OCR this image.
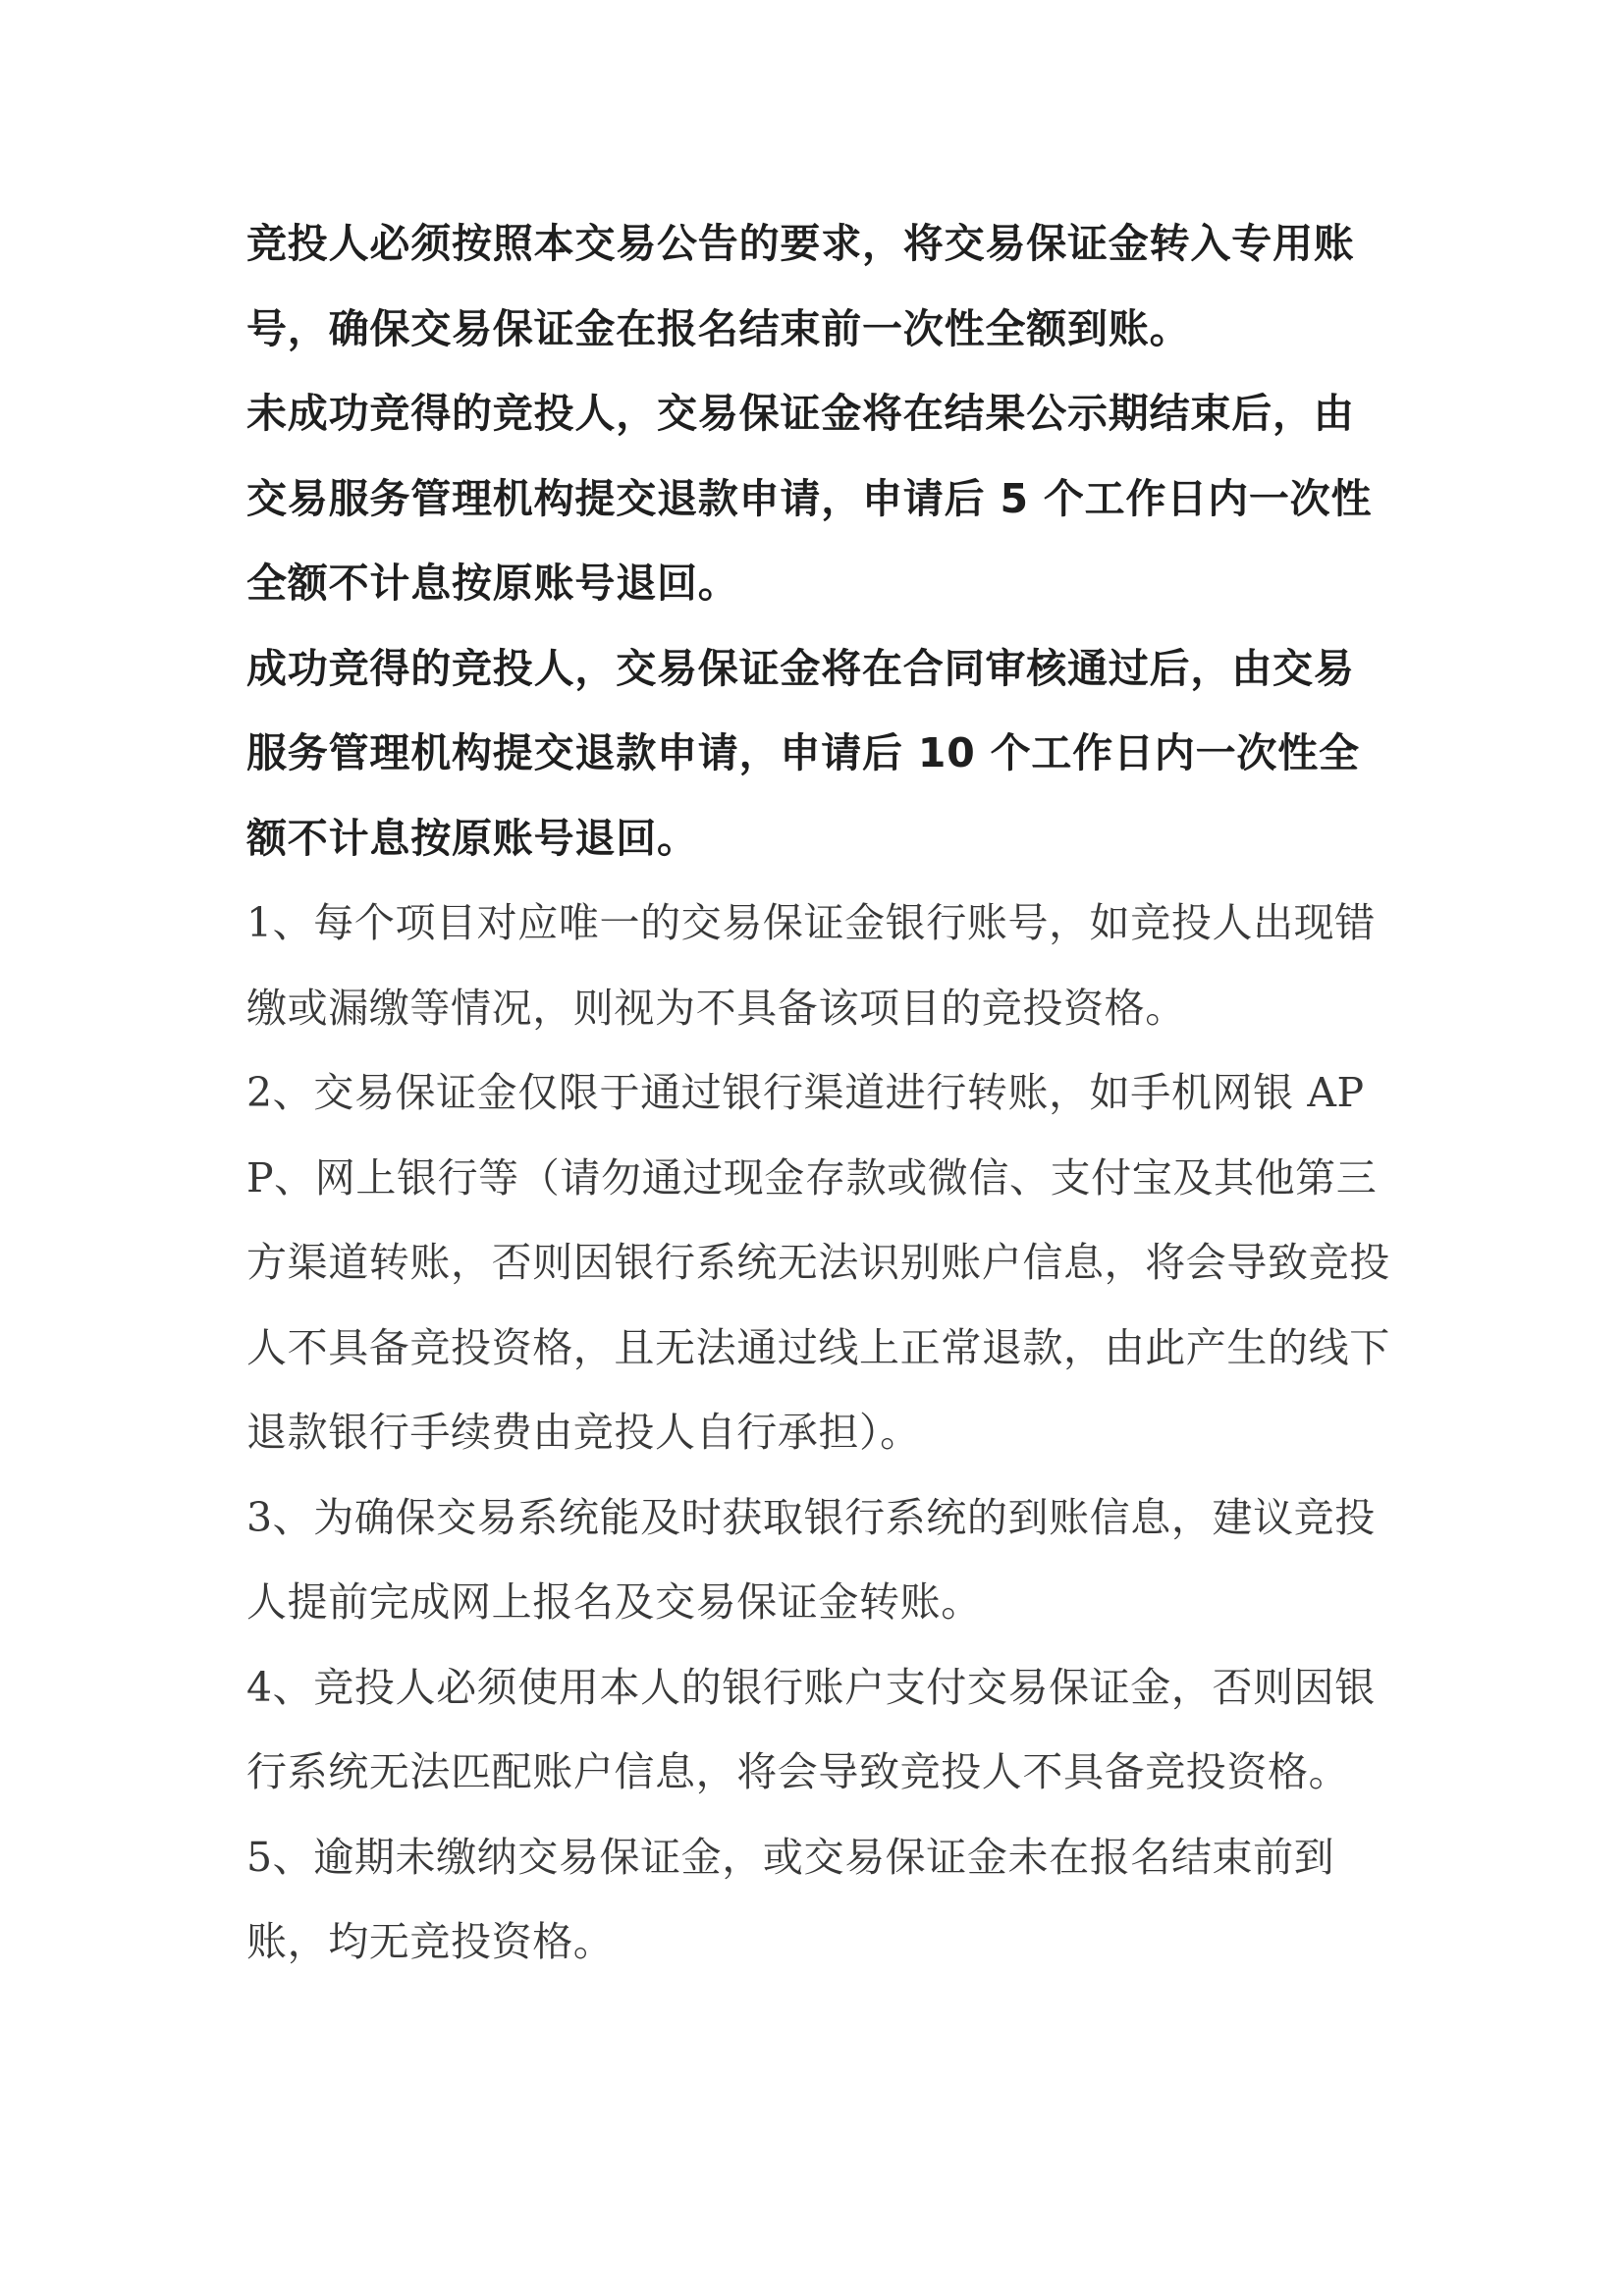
竞投人必须按照本交易公告的要求，将交易保证金转入专用账号，确保交易保证金在报名结束前一次性全额到账。

未成功竞得的竞投人，交易保证金将在结果公示期结束后，由交易服务管理机构提交退款申请，申请后 5 个工作日内一次性全额不计息按原账号退回。

成功竞得的竞投人，交易保证金将在合同审核通过后，由交易服务管理机构提交退款申请，申请后 10 个工作日内一次性全额不计息按原账号退回。

1、每个项目对应唯一的交易保证金银行账号，如竞投人出现错缴或漏缴等情况，则视为不具备该项目的竞投资格。

2、交易保证金仅限于通过银行渠道进行转账，如手机网银 APP、网上银行等（请勿通过现金存款或微信、支付宝及其他第三方渠道转账，否则因银行系统无法识别账户信息，将会导致竞投人不具备竞投资格，且无法通过线上正常退款，由此产生的线下退款银行手续费由竞投人自行承担）。

3、为确保交易系统能及时获取银行系统的到账信息，建议竞投人提前完成网上报名及交易保证金转账。

4、竞投人必须使用本人的银行账户支付交易保证金，否则因银行系统无法匹配账户信息，将会导致竞投人不具备竞投资格。

5、逾期未缴纳交易保证金，或交易保证金未在报名结束前到账，均无竞投资格。
